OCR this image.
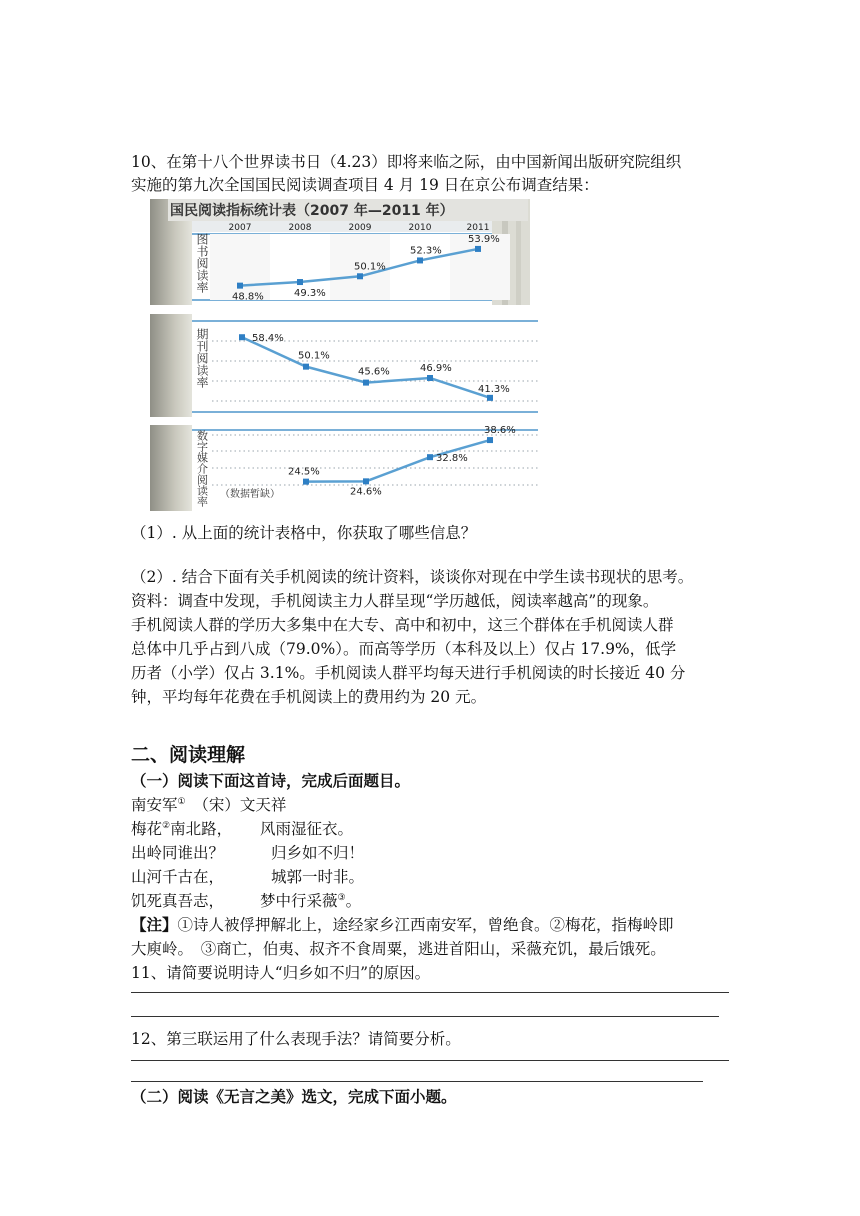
10、在第十八个世界读书日（4.23）即将来临之际，由中国新闻出版研究院组织
实施的第九次全国国民阅读调查项目 4 月 19 日在京公布调查结果：
国民阅读指标统计表（2007 年—2011 年）
2007	2008	2009	2010	2011
图书阅读率
48.8%	49.3%
50.1%
52.3%
53.9%
期刊阅读率	58.4%
50.1%
45.6%	46.9%
41.3%
数字媒介阅读率 （数据暂缺）
24.5%
24.6%
32.8%
38.6%
（1）. 从上面的统计表格中，你获取了哪些信息？
（2）. 结合下面有关手机阅读的统计资料，谈谈你对现在中学生读书现状的思考。
资料：调查中发现，手机阅读主力人群呈现“学历越低，阅读率越高”的现象。
手机阅读人群的学历大多集中在大专、高中和初中，这三个群体在手机阅读人群
总体中几乎占到八成（79.0%）。而高等学历（本科及以上）仅占 17.9%，低学
历者（小学）仅占 3.1%。手机阅读人群平均每天进行手机阅读的时长接近 40 分
钟，平均每年花费在手机阅读上的费用约为 20 元。
二、阅读理解
（一）阅读下面这首诗，完成后面题目。
南安军①　（宋）文天祥
梅花②南北路， 风雨湿征衣。
出岭同谁出？	归乡如不归！
山河千古在，	城郭一时非。
饥死真吾志， 梦中行采薇③。
【注】①诗人被俘押解北上，途经家乡江西南安军，曾绝食。②梅花，指梅岭即
大庾岭。　③商亡，伯夷、叔齐不食周粟，逃进首阳山，采薇充饥，最后饿死。
11、请简要说明诗人“归乡如不归”的原因。
12、第三联运用了什么表现手法？请简要分析。
（二）阅读《无言之美》选文，完成下面小题。
